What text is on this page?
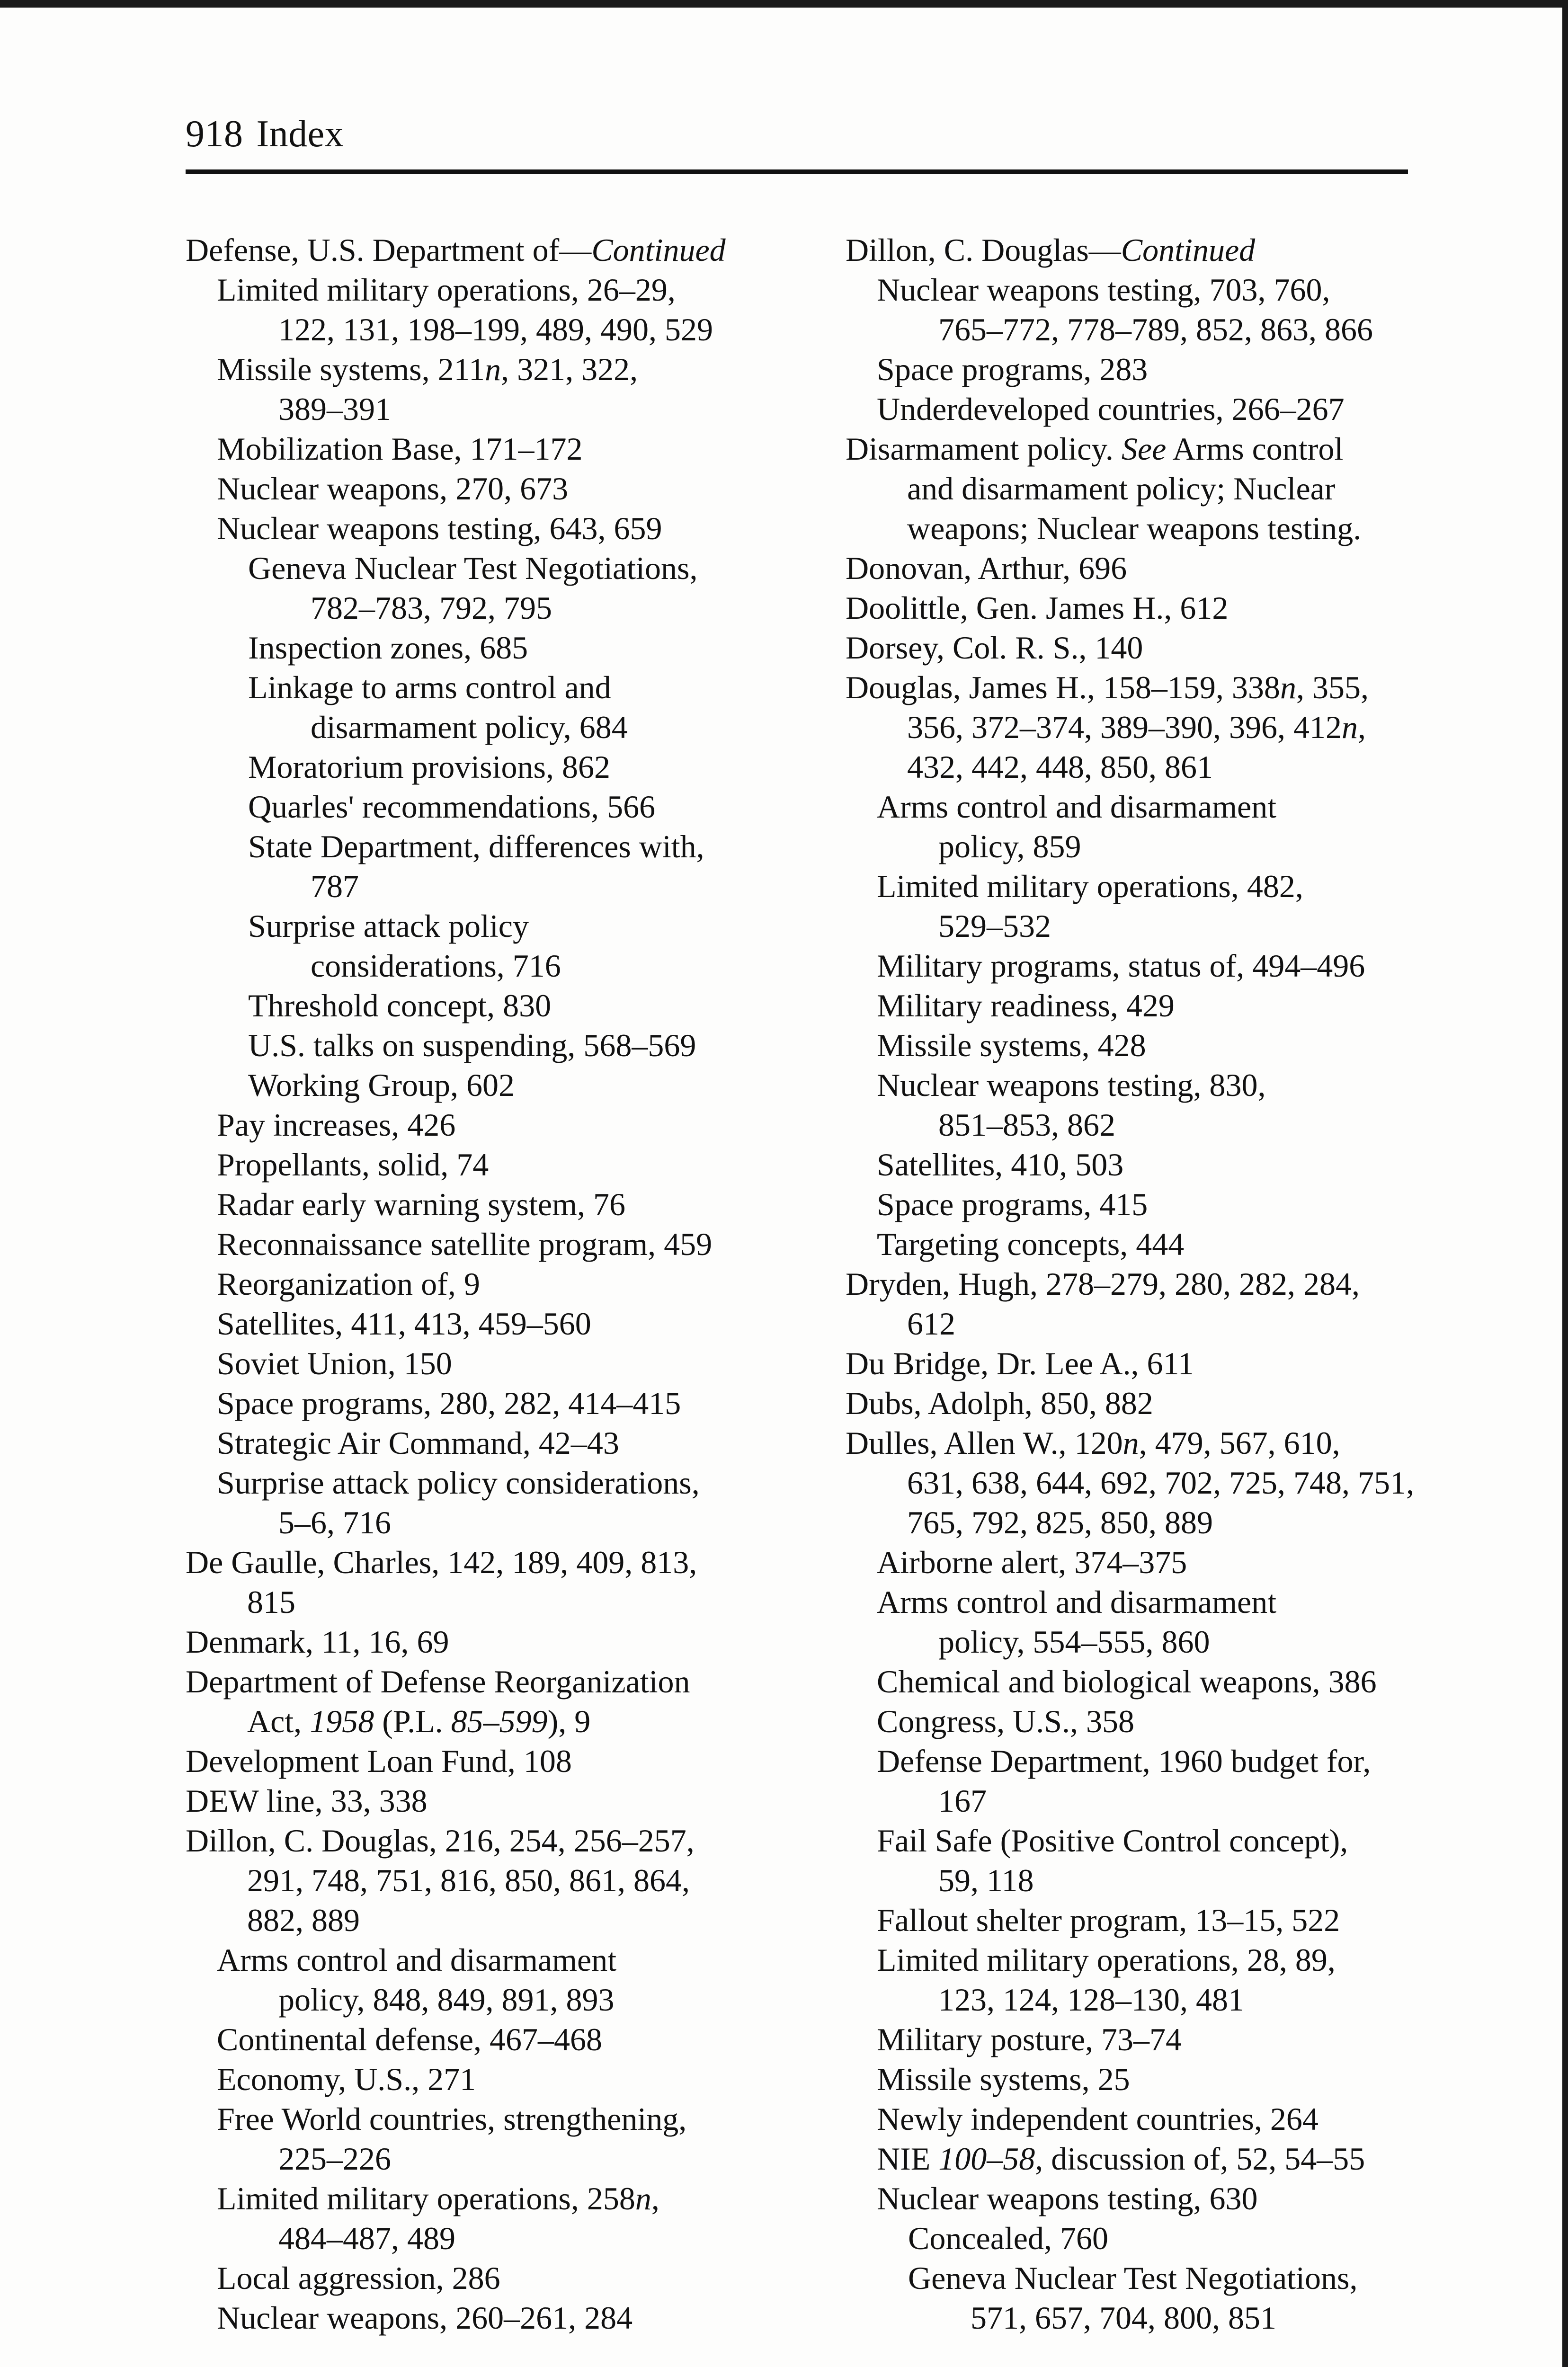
918 Index
Defense, U.S. Department of—Continued
Limited military operations, 26–29,
122, 131, 198–199, 489, 490, 529
Missile systems, 211n, 321, 322,
389–391
Mobilization Base, 171–172
Nuclear weapons, 270, 673
Nuclear weapons testing, 643, 659
Geneva Nuclear Test Negotiations,
782–783, 792, 795
Inspection zones, 685
Linkage to arms control and
disarmament policy, 684
Moratorium provisions, 862
Quarles' recommendations, 566
State Department, differences with,
787
Surprise attack policy
considerations, 716
Threshold concept, 830
U.S. talks on suspending, 568–569
Working Group, 602
Pay increases, 426
Propellants, solid, 74
Radar early warning system, 76
Reconnaissance satellite program, 459
Reorganization of, 9
Satellites, 411, 413, 459–560
Soviet Union, 150
Space programs, 280, 282, 414–415
Strategic Air Command, 42–43
Surprise attack policy considerations,
5–6, 716
De Gaulle, Charles, 142, 189, 409, 813,
815
Denmark, 11, 16, 69
Department of Defense Reorganization
Act, 1958 (P.L. 85–599), 9
Development Loan Fund, 108
DEW line, 33, 338
Dillon, C. Douglas, 216, 254, 256–257,
291, 748, 751, 816, 850, 861, 864,
882, 889
Arms control and disarmament
policy, 848, 849, 891, 893
Continental defense, 467–468
Economy, U.S., 271
Free World countries, strengthening,
225–226
Limited military operations, 258n,
484–487, 489
Local aggression, 286
Nuclear weapons, 260–261, 284
Dillon, C. Douglas—Continued
Nuclear weapons testing, 703, 760,
765–772, 778–789, 852, 863, 866
Space programs, 283
Underdeveloped countries, 266–267
Disarmament policy. See Arms control
and disarmament policy; Nuclear
weapons; Nuclear weapons testing.
Donovan, Arthur, 696
Doolittle, Gen. James H., 612
Dorsey, Col. R. S., 140
Douglas, James H., 158–159, 338n, 355,
356, 372–374, 389–390, 396, 412n,
432, 442, 448, 850, 861
Arms control and disarmament
policy, 859
Limited military operations, 482,
529–532
Military programs, status of, 494–496
Military readiness, 429
Missile systems, 428
Nuclear weapons testing, 830,
851–853, 862
Satellites, 410, 503
Space programs, 415
Targeting concepts, 444
Dryden, Hugh, 278–279, 280, 282, 284,
612
Du Bridge, Dr. Lee A., 611
Dubs, Adolph, 850, 882
Dulles, Allen W., 120n, 479, 567, 610,
631, 638, 644, 692, 702, 725, 748, 751,
765, 792, 825, 850, 889
Airborne alert, 374–375
Arms control and disarmament
policy, 554–555, 860
Chemical and biological weapons, 386
Congress, U.S., 358
Defense Department, 1960 budget for,
167
Fail Safe (Positive Control concept),
59, 118
Fallout shelter program, 13–15, 522
Limited military operations, 28, 89,
123, 124, 128–130, 481
Military posture, 73–74
Missile systems, 25
Newly independent countries, 264
NIE 100–58, discussion of, 52, 54–55
Nuclear weapons testing, 630
Concealed, 760
Geneva Nuclear Test Negotiations,
571, 657, 704, 800, 851
